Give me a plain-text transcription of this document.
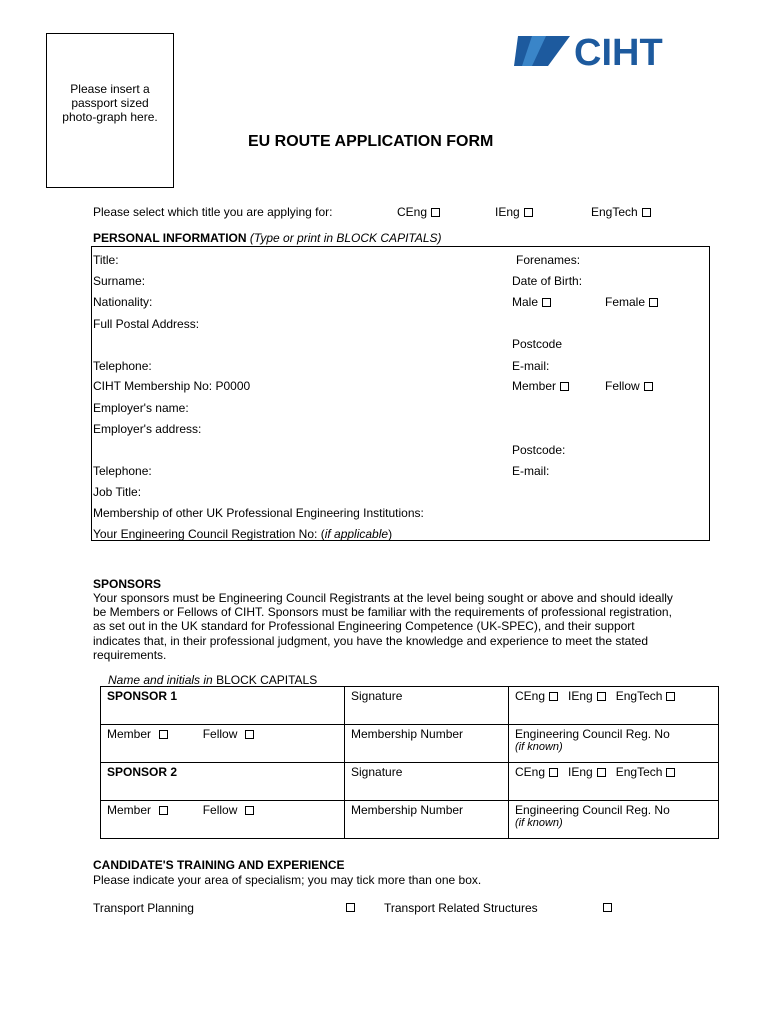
Please insert a passport sized photo-graph here.
CIHT
EU ROUTE APPLICATION FORM
Please select which title you are applying for:	CEng	IEng	EngTech
PERSONAL INFORMATION (Type or print in BLOCK CAPITALS)
Title:	Forenames:
Surname:	Date of Birth:
Nationality:	Male	Female
Full Postal Address:
Postcode
Telephone:	E-mail:
CIHT Membership No: P0000	Member	Fellow
Employer's name:
Employer's address:
Postcode:
Telephone:	E-mail:
Job Title:
Membership of other UK Professional Engineering Institutions:
Your Engineering Council Registration No: (if applicable)
SPONSORS
Your sponsors must be Engineering Council Registrants at the level being sought or above and should ideally be Members or Fellows of CIHT. Sponsors must be familiar with the requirements of professional registration, as set out in the UK standard for Professional Engineering Competence (UK-SPEC), and their support indicates that, in their professional judgment, you have the knowledge and experience to meet the stated requirements.
Name and initials in BLOCK CAPITALS
SPONSOR 1	Signature	CEng IEng EngTech
Member Fellow	Membership Number	Engineering Council Reg. No
(if known)

SPONSOR 2	Signature	CEng IEng EngTech
Member Fellow	Membership Number	Engineering Council Reg. No
(if known)
CANDIDATE'S TRAINING AND EXPERIENCE
Please indicate your area of specialism; you may tick more than one box.
Transport Planning	Transport Related Structures
